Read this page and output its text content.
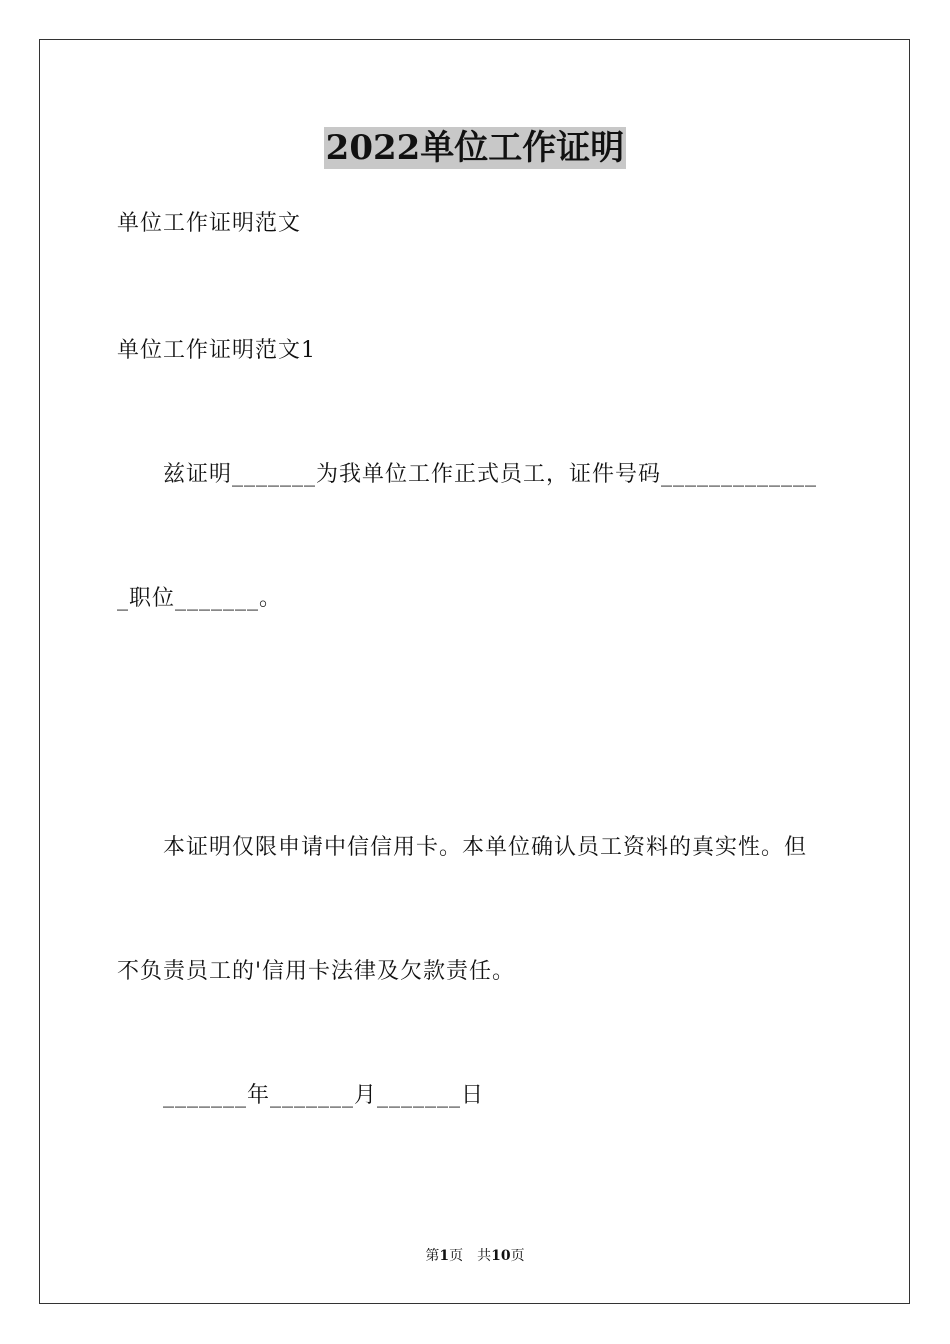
2022单位工作证明
单位工作证明范文
单位工作证明范文1
兹证明_______为我单位工作正式员工，证件号码_____________
_职位_______。
本证明仅限申请中信信用卡。本单位确认员工资料的真实性。但
不负责员工的'信用卡法律及欠款责任。
_______年_______月_______日
第1页　共10页
